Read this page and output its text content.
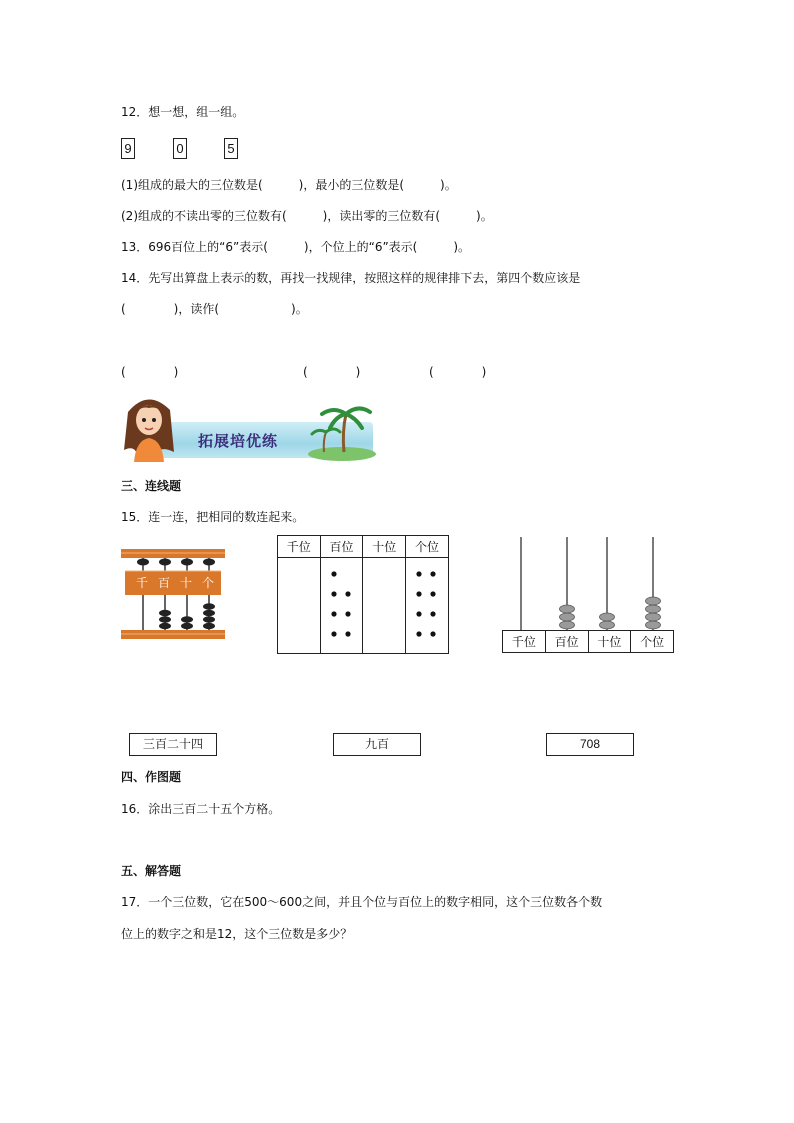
12．想一想，组一组。
9	0	5
(1)组成的最大的三位数是(　　　)，最小的三位数是(　　　)。
(2)组成的不读出零的三位数有(　　　)，读出零的三位数有(　　　)。
13．696百位上的“6”表示(　　　)，个位上的“6”表示(　　　)。
14．先写出算盘上表示的数，再找一找规律，按照这样的规律排下去，第四个数应该是
(　　　　)，读作(　　　　　　)。
(　　　　)	(　　　　)	(　　　　)
拓展培优练
三、连线题
15．连一连，把相同的数连起来。
千 百 十 个
千位	百位	十位	个位

千位	百位	十位	个位
三百二十四	九百	708
四、作图题
16．涂出三百二十五个方格。
五、解答题
17．一个三位数，它在500～600之间，并且个位与百位上的数字相同，这个三位数各个数
位上的数字之和是12，这个三位数是多少？
